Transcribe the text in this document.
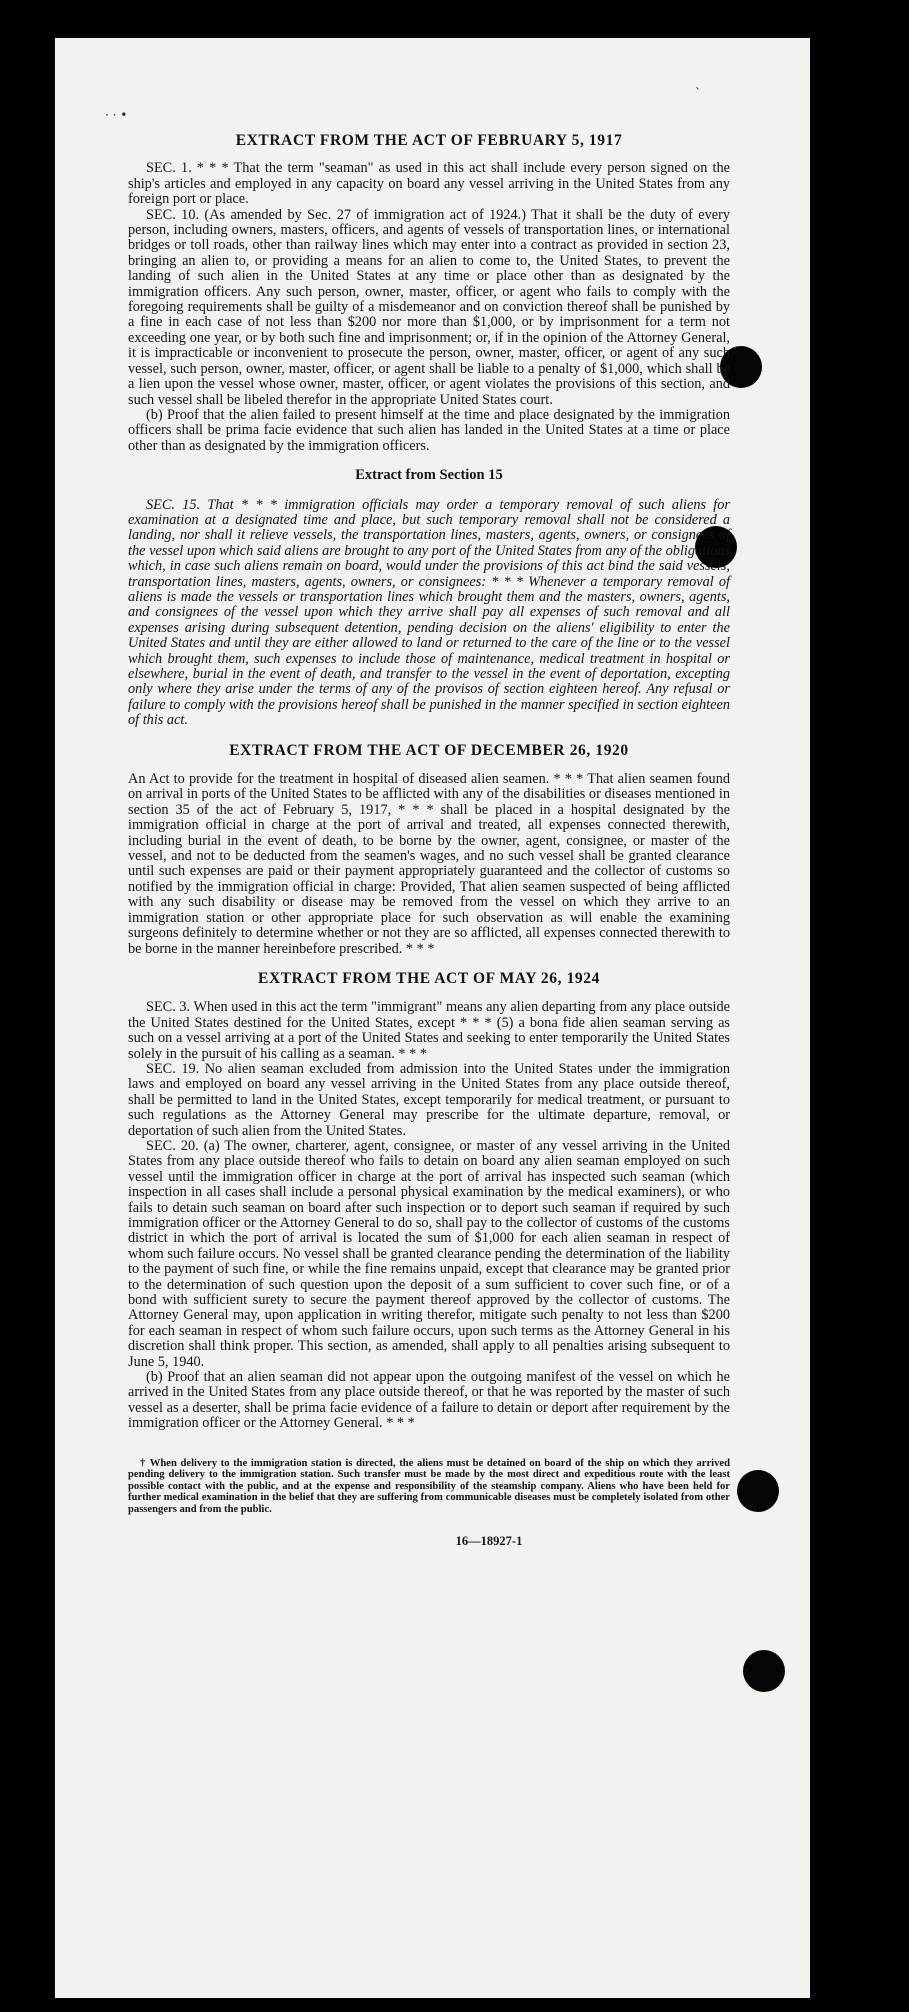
· · •
`
EXTRACT FROM THE ACT OF FEBRUARY 5, 1917

SEC. 1. * * * That the term "seaman" as used in this act shall include every person signed on the ship's articles and employed in any capacity on board any vessel arriving in the United States from any foreign port or place.

SEC. 10. (As amended by Sec. 27 of immigration act of 1924.) That it shall be the duty of every person, including owners, masters, officers, and agents of vessels of transportation lines, or international bridges or toll roads, other than railway lines which may enter into a contract as provided in section 23, bringing an alien to, or providing a means for an alien to come to, the United States, to prevent the landing of such alien in the United States at any time or place other than as designated by the immigration officers. Any such person, owner, master, officer, or agent who fails to comply with the foregoing requirements shall be guilty of a misdemeanor and on conviction thereof shall be punished by a fine in each case of not less than $200 nor more than $1,000, or by imprisonment for a term not exceeding one year, or by both such fine and imprisonment; or, if in the opinion of the Attorney General, it is impracticable or inconvenient to prosecute the person, owner, master, officer, or agent of any such vessel, such person, owner, master, officer, or agent shall be liable to a penalty of $1,000, which shall be a lien upon the vessel whose owner, master, officer, or agent violates the provisions of this section, and such vessel shall be libeled therefor in the appropriate United States court.

(b) Proof that the alien failed to present himself at the time and place designated by the immigration officers shall be prima facie evidence that such alien has landed in the United States at a time or place other than as designated by the immigration officers.

Extract from Section 15

SEC. 15. That * * * immigration officials may order a temporary removal of such aliens for examination at a designated time and place, but such temporary removal shall not be considered a landing, nor shall it relieve vessels, the transportation lines, masters, agents, owners, or consignees of the vessel upon which said aliens are brought to any port of the United States from any of the obligations which, in case such aliens remain on board, would under the provisions of this act bind the said vessels, transportation lines, masters, agents, owners, or consignees: * * * Whenever a temporary removal of aliens is made the vessels or transportation lines which brought them and the masters, owners, agents, and consignees of the vessel upon which they arrive shall pay all expenses of such removal and all expenses arising during subsequent detention, pending decision on the aliens' eligibility to enter the United States and until they are either allowed to land or returned to the care of the line or to the vessel which brought them, such expenses to include those of maintenance, medical treatment in hospital or elsewhere, burial in the event of death, and transfer to the vessel in the event of deportation, excepting only where they arise under the terms of any of the provisos of section eighteen hereof. Any refusal or failure to comply with the provisions hereof shall be punished in the manner specified in section eighteen of this act.

EXTRACT FROM THE ACT OF DECEMBER 26, 1920

An Act to provide for the treatment in hospital of diseased alien seamen. * * * That alien seamen found on arrival in ports of the United States to be afflicted with any of the disabilities or diseases mentioned in section 35 of the act of February 5, 1917, * * * shall be placed in a hospital designated by the immigration official in charge at the port of arrival and treated, all expenses connected therewith, including burial in the event of death, to be borne by the owner, agent, consignee, or master of the vessel, and not to be deducted from the seamen's wages, and no such vessel shall be granted clearance until such expenses are paid or their payment appropriately guaranteed and the collector of customs so notified by the immigration official in charge: Provided, That alien seamen suspected of being afflicted with any such disability or disease may be removed from the vessel on which they arrive to an immigration station or other appropriate place for such observation as will enable the examining surgeons definitely to determine whether or not they are so afflicted, all expenses connected therewith to be borne in the manner hereinbefore prescribed. * * *

EXTRACT FROM THE ACT OF MAY 26, 1924

SEC. 3. When used in this act the term "immigrant" means any alien departing from any place outside the United States destined for the United States, except * * * (5) a bona fide alien seaman serving as such on a vessel arriving at a port of the United States and seeking to enter temporarily the United States solely in the pursuit of his calling as a seaman. * * *

SEC. 19. No alien seaman excluded from admission into the United States under the immigration laws and employed on board any vessel arriving in the United States from any place outside thereof, shall be permitted to land in the United States, except temporarily for medical treatment, or pursuant to such regulations as the Attorney General may prescribe for the ultimate departure, removal, or deportation of such alien from the United States.

SEC. 20. (a) The owner, charterer, agent, consignee, or master of any vessel arriving in the United States from any place outside thereof who fails to detain on board any alien seaman employed on such vessel until the immigration officer in charge at the port of arrival has inspected such seaman (which inspection in all cases shall include a personal physical examination by the medical examiners), or who fails to detain such seaman on board after such inspection or to deport such seaman if required by such immigration officer or the Attorney General to do so, shall pay to the collector of customs of the customs district in which the port of arrival is located the sum of $1,000 for each alien seaman in respect of whom such failure occurs. No vessel shall be granted clearance pending the determination of the liability to the payment of such fine, or while the fine remains unpaid, except that clearance may be granted prior to the determination of such question upon the deposit of a sum sufficient to cover such fine, or of a bond with sufficient surety to secure the payment thereof approved by the collector of customs. The Attorney General may, upon application in writing therefor, mitigate such penalty to not less than $200 for each seaman in respect of whom such failure occurs, upon such terms as the Attorney General in his discretion shall think proper. This section, as amended, shall apply to all penalties arising subsequent to June 5, 1940.

(b) Proof that an alien seaman did not appear upon the outgoing manifest of the vessel on which he arrived in the United States from any place outside thereof, or that he was reported by the master of such vessel as a deserter, shall be prima facie evidence of a failure to detain or deport after requirement by the immigration officer or the Attorney General. * * *

† When delivery to the immigration station is directed, the aliens must be detained on board of the ship on which they arrived pending delivery to the immigration station. Such transfer must be made by the most direct and expeditious route with the least possible contact with the public, and at the expense and responsibility of the steamship company. Aliens who have been held for further medical examination in the belief that they are suffering from communicable diseases must be completely isolated from other passengers and from the public.

16—18927-1
